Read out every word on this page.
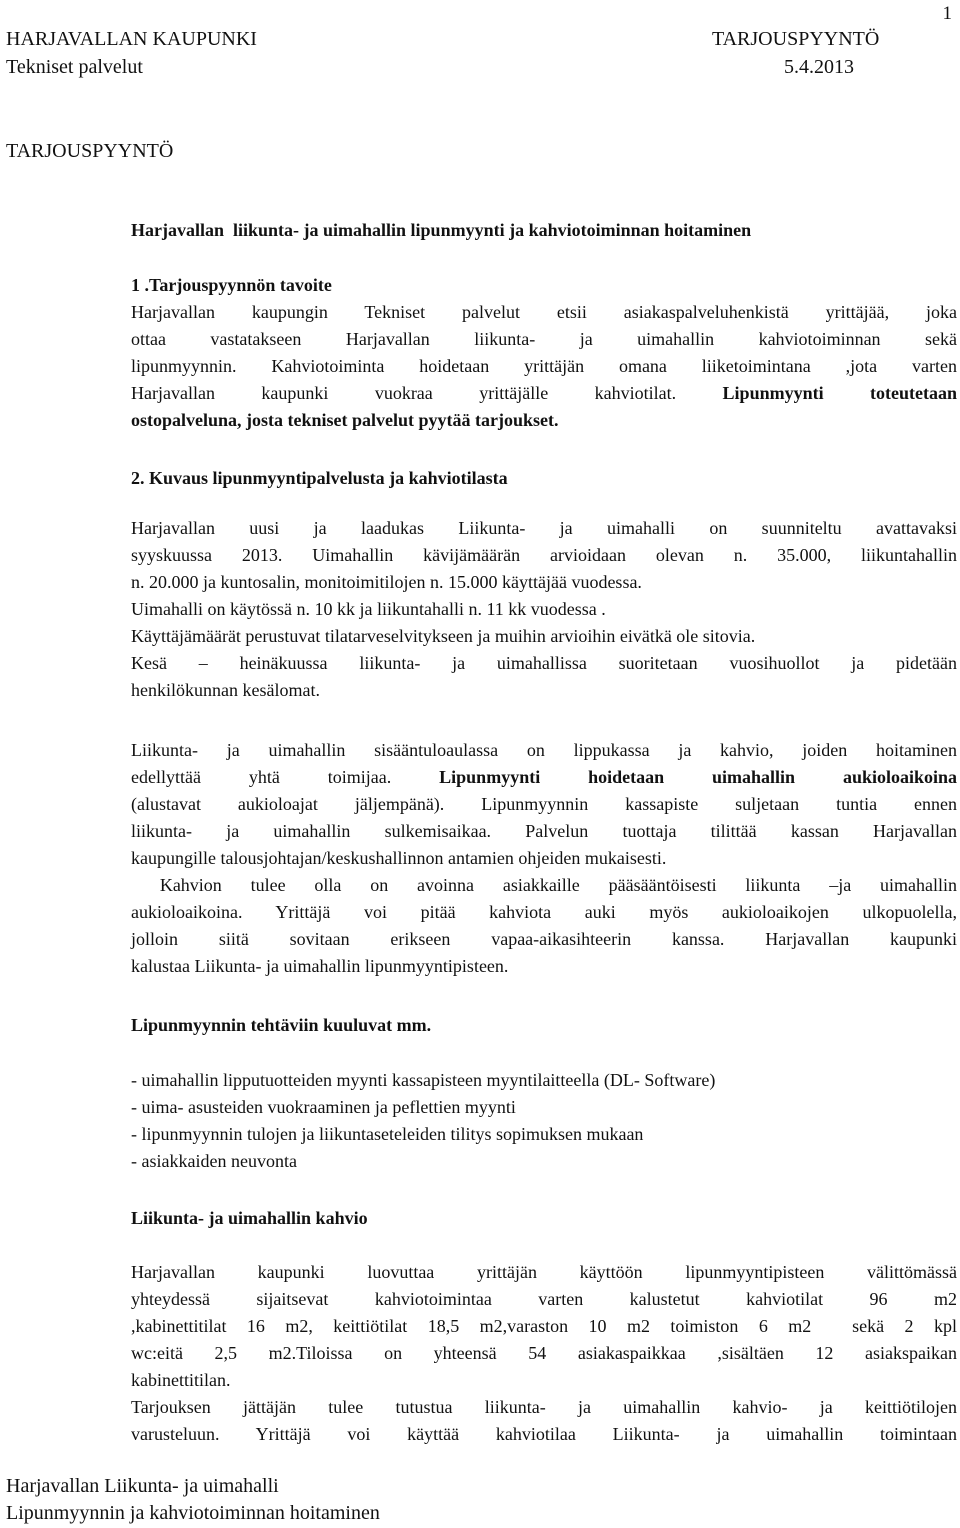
1
HARJAVALLAN KAUPUNKI	TARJOUSPYYNTÖ
Tekniset palvelut	5.4.2013
TARJOUSPYYNTÖ
Harjavallan  liikunta- ja uimahallin lipunmyynti ja kahviotoiminnan hoitaminen
1 .Tarjouspyynnön tavoite
Harjavallan kaupungin Tekniset palvelut etsii asiakaspalveluhenkistä yrittäjää, joka
ottaa vastatakseen Harjavallan liikunta- ja uimahallin kahviotoiminnan sekä
lipunmyynnin. Kahviotoiminta hoidetaan yrittäjän omana liiketoimintana ,jota varten
Harjavallan kaupunki vuokraa yrittäjälle kahviotilat.	Lipunmyynti toteutetaan
ostopalveluna, josta tekniset palvelut pyytää tarjoukset.
2. Kuvaus lipunmyyntipalvelusta ja kahviotilasta
Harjavallan uusi ja laadukas Liikunta- ja uimahalli on suunniteltu avattavaksi
syyskuussa 2013. Uimahallin kävijämäärän arvioidaan olevan n. 35.000, liikuntahallin
n. 20.000 ja kuntosalin, monitoimitilojen n. 15.000 käyttäjää vuodessa.
Uimahalli on käytössä n. 10 kk ja liikuntahalli n. 11 kk vuodessa .
Käyttäjämäärät perustuvat tilatarveselvitykseen ja muihin arvioihin eivätkä ole sitovia.
Kesä – heinäkuussa liikunta- ja uimahallissa suoritetaan vuosihuollot ja pidetään
henkilökunnan kesälomat.
Liikunta- ja uimahallin sisääntuloaulassa on lippukassa ja kahvio, joiden hoitaminen
edellyttää yhtä toimijaa.	Lipunmyynti hoidetaan uimahallin aukioloaikoina
(alustavat aukioloajat jäljempänä). Lipunmyynnin kassapiste suljetaan tuntia ennen
liikunta- ja uimahallin sulkemisaikaa. Palvelun tuottaja tilittää kassan Harjavallan
kaupungille talousjohtajan/keskushallinnon antamien ohjeiden mukaisesti.
Kahvion tulee olla on avoinna asiakkaille pääsääntöisesti liikunta –ja uimahallin
aukioloaikoina. Yrittäjä voi pitää kahviota auki myös aukioloaikojen ulkopuolella,
jolloin siitä sovitaan erikseen vapaa-aikasihteerin kanssa. Harjavallan kaupunki
kalustaa Liikunta- ja uimahallin lipunmyyntipisteen.
Lipunmyynnin tehtäviin kuuluvat mm.
- uimahallin lipputuotteiden myynti kassapisteen myyntilaitteella (DL- Software)
- uima- asusteiden vuokraaminen ja peflettien myynti
- lipunmyynnin tulojen ja liikuntaseteleiden tilitys sopimuksen mukaan
- asiakkaiden neuvonta
Liikunta- ja uimahallin kahvio
Harjavallan kaupunki luovuttaa yrittäjän käyttöön lipunmyyntipisteen välittömässä
yhteydessä sijaitsevat kahviotoimintaa varten kalustetut kahviotilat 96 m2
,kabinettitilat 16 m2, keittiötilat 18,5 m2,varaston 10 m2 toimiston 6 m2  sekä 2 kpl
wc:eitä 2,5 m2.Tiloissa on yhteensä 54 asiakaspaikkaa ,sisältäen 12 asiakspaikan
kabinettitilan.
Tarjouksen jättäjän tulee tutustua liikunta- ja uimahallin kahvio- ja keittiötilojen
varusteluun. Yrittäjä voi käyttää kahviotilaa Liikunta- ja uimahallin toimintaan
Harjavallan Liikunta- ja uimahalli
Lipunmyynnin ja kahviotoiminnan hoitaminen
